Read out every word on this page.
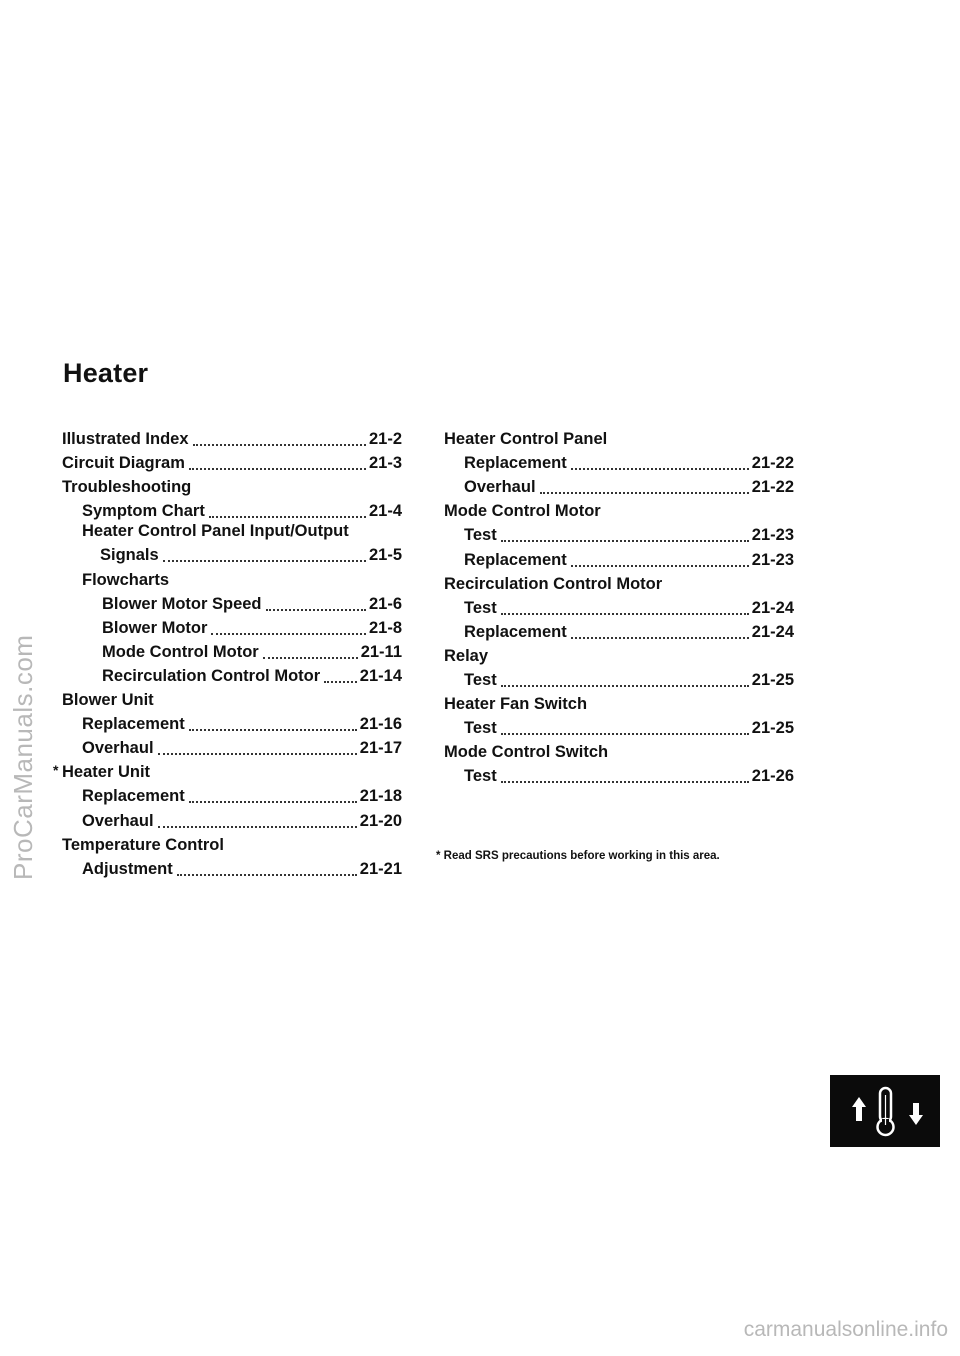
Heater
Illustrated Index	21-2
Circuit Diagram	21-3
Troubleshooting
Symptom Chart	21-4
Heater Control Panel Input/Output
Signals	21-5
Flowcharts
Blower Motor Speed	21-6
Blower Motor	21-8
Mode Control Motor	21-11
Recirculation Control Motor 21-14
Blower Unit
Replacement	21-16
Overhaul	21-17
* Heater Unit
Replacement	21-18
Overhaul	21-20
Temperature Control
Adjustment	21-21
Heater Control Panel
Replacement	21-22
Overhaul	21-22
Mode Control Motor
Test	21-23
Replacement	21-23
Recirculation Control Motor
Test	21-24
Replacement	21-24
Relay
Test	21-25
Heater Fan Switch
Test	21-25
Mode Control Switch
Test	21-26
* Read SRS precautions before working in this area.
ProCarManuals.com
carmanualsonline.info
